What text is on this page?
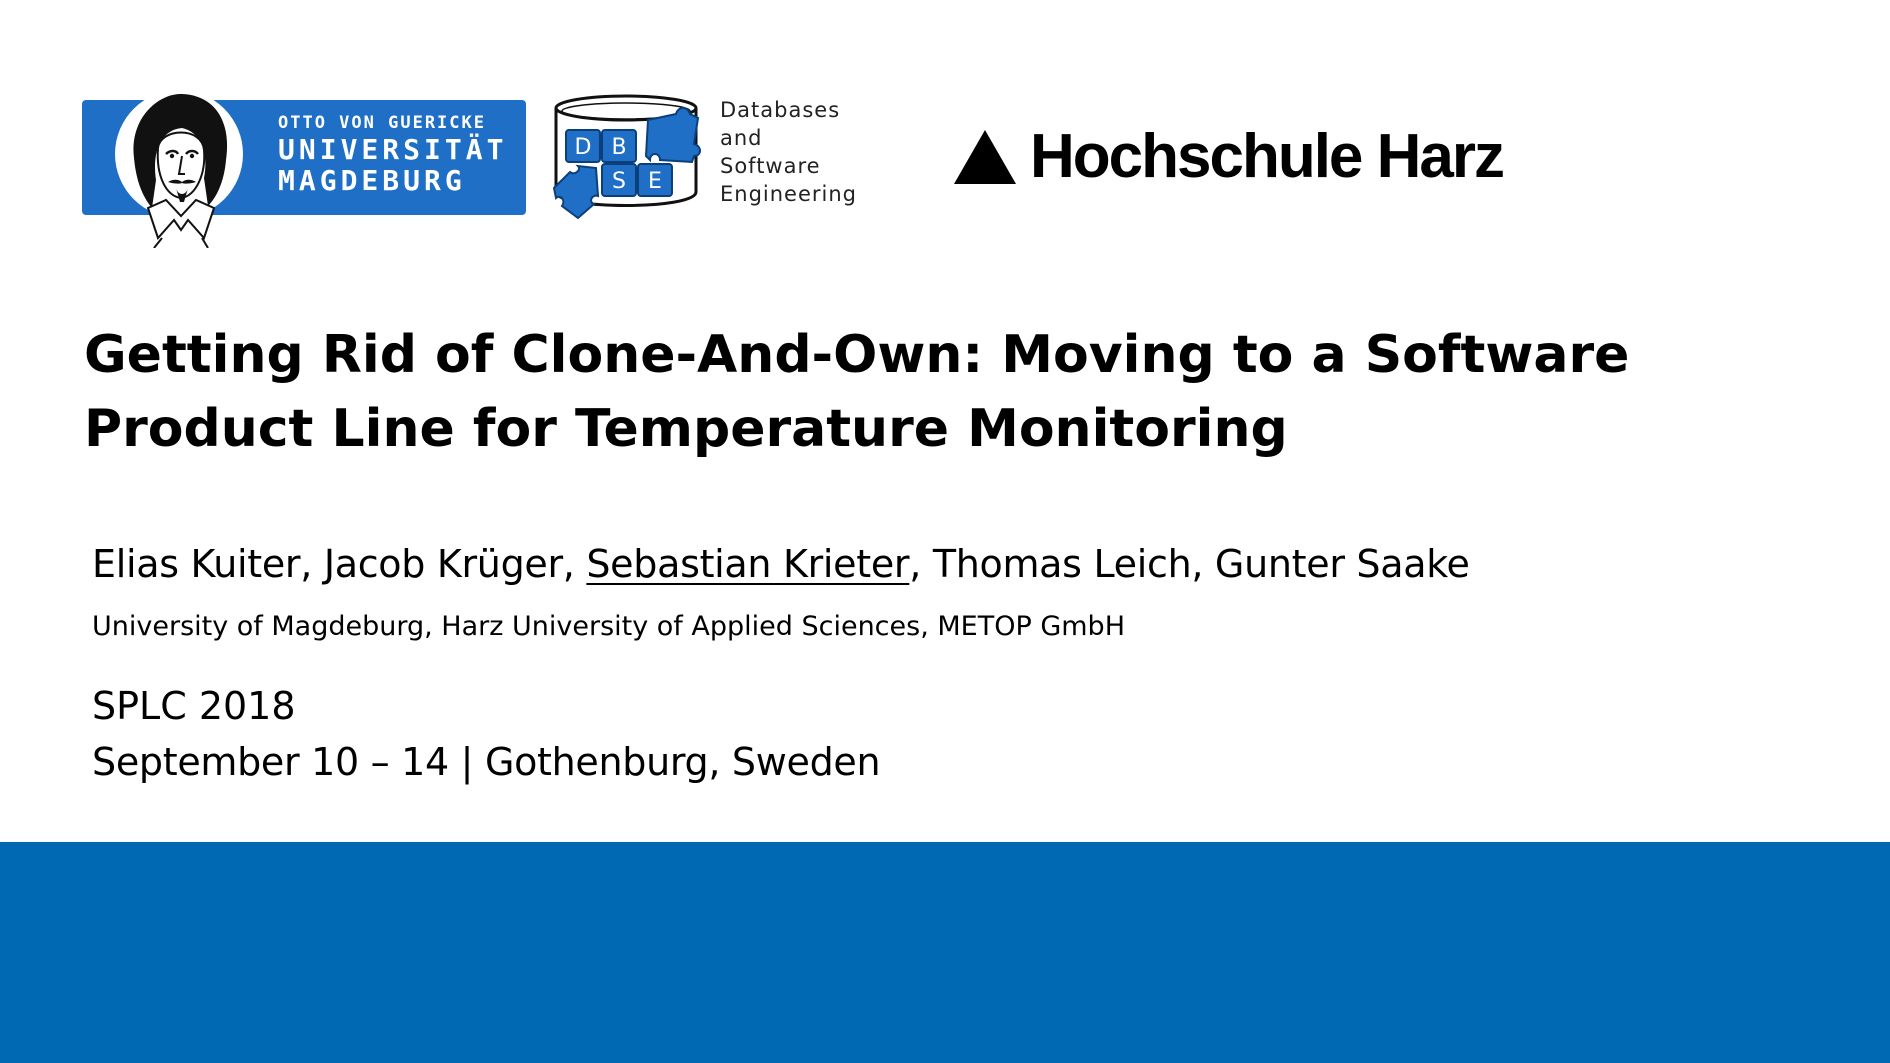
OTTO VON GUERICKE
UNIVERSITÄT
MAGDEBURG
D B
S E
Databases
and
Software
Engineering
Hochschule Harz
Getting Rid of Clone-And-Own: Moving to a Software
Product Line for Temperature Monitoring
Elias Kuiter, Jacob Krüger, Sebastian Krieter, Thomas Leich, Gunter Saake
University of Magdeburg, Harz University of Applied Sciences, METOP GmbH
SPLC 2018
September 10 – 14 | Gothenburg, Sweden
